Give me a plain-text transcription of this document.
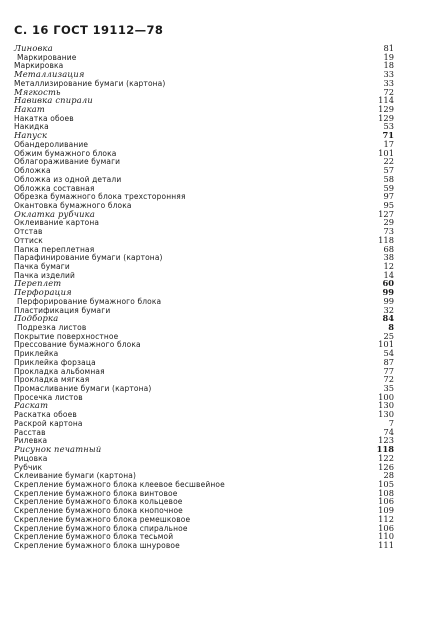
С. 16 ГОСТ 19112—78
Линовка	81
Маркирование	19
Маркировка	18
Металлизация	33
Металлизирование бумаги (картона)	33
Мягкость	72
Навивка спирали	114
Накат	129
Накатка обоев	129
Накидка	53
Напуск	71
Обандероливание	17
Обжим бумажного блока	101
Облагораживание бумаги	22
Обложка	57
Обложка из одной детали	58
Обложка составная	59
Обрезка бумажного блока трехсторонняя	97
Окантовка бумажного блока	95
Оклатка рубчика	127
Оклеивание картона	29
Отстав	73
Оттиск	118
Папка переплетная	68
Парафинирование бумаги (картона)	38
Пачка бумаги	12
Пачка изделий	14
Переплет	60
Перфорация	99
Перфорирование бумажного блока	99
Пластификация бумаги	32
Подборка	84
Подрезка листов	8
Покрытие поверхностное	25
Прессование бумажного блока	101
Приклейка	54
Приклейка форзаца	87
Прокладка альбомная	77
Прокладка мягкая	72
Промасливание бумаги (картона)	35
Просечка листов	100
Раскат	130
Раскатка обоев	130
Раскрой картона	7
Расстав	74
Рилевка	123
Рисунок печатный	118
Рицовка	122
Рубчик	126
Склеивание бумаги (картона)	28
Скрепление бумажного блока клеевое бесшвейное	105
Скрепление бумажного блока винтовое	108
Скрепление бумажного блока кольцевое	106
Скрепление бумажного блока кнопочное	109
Скрепление бумажного блока ремешковое	112
Скрепление бумажного блока спиральное	106
Скрепление бумажного блока тесьмой	110
Скрепление бумажного блока шнуровое	111
